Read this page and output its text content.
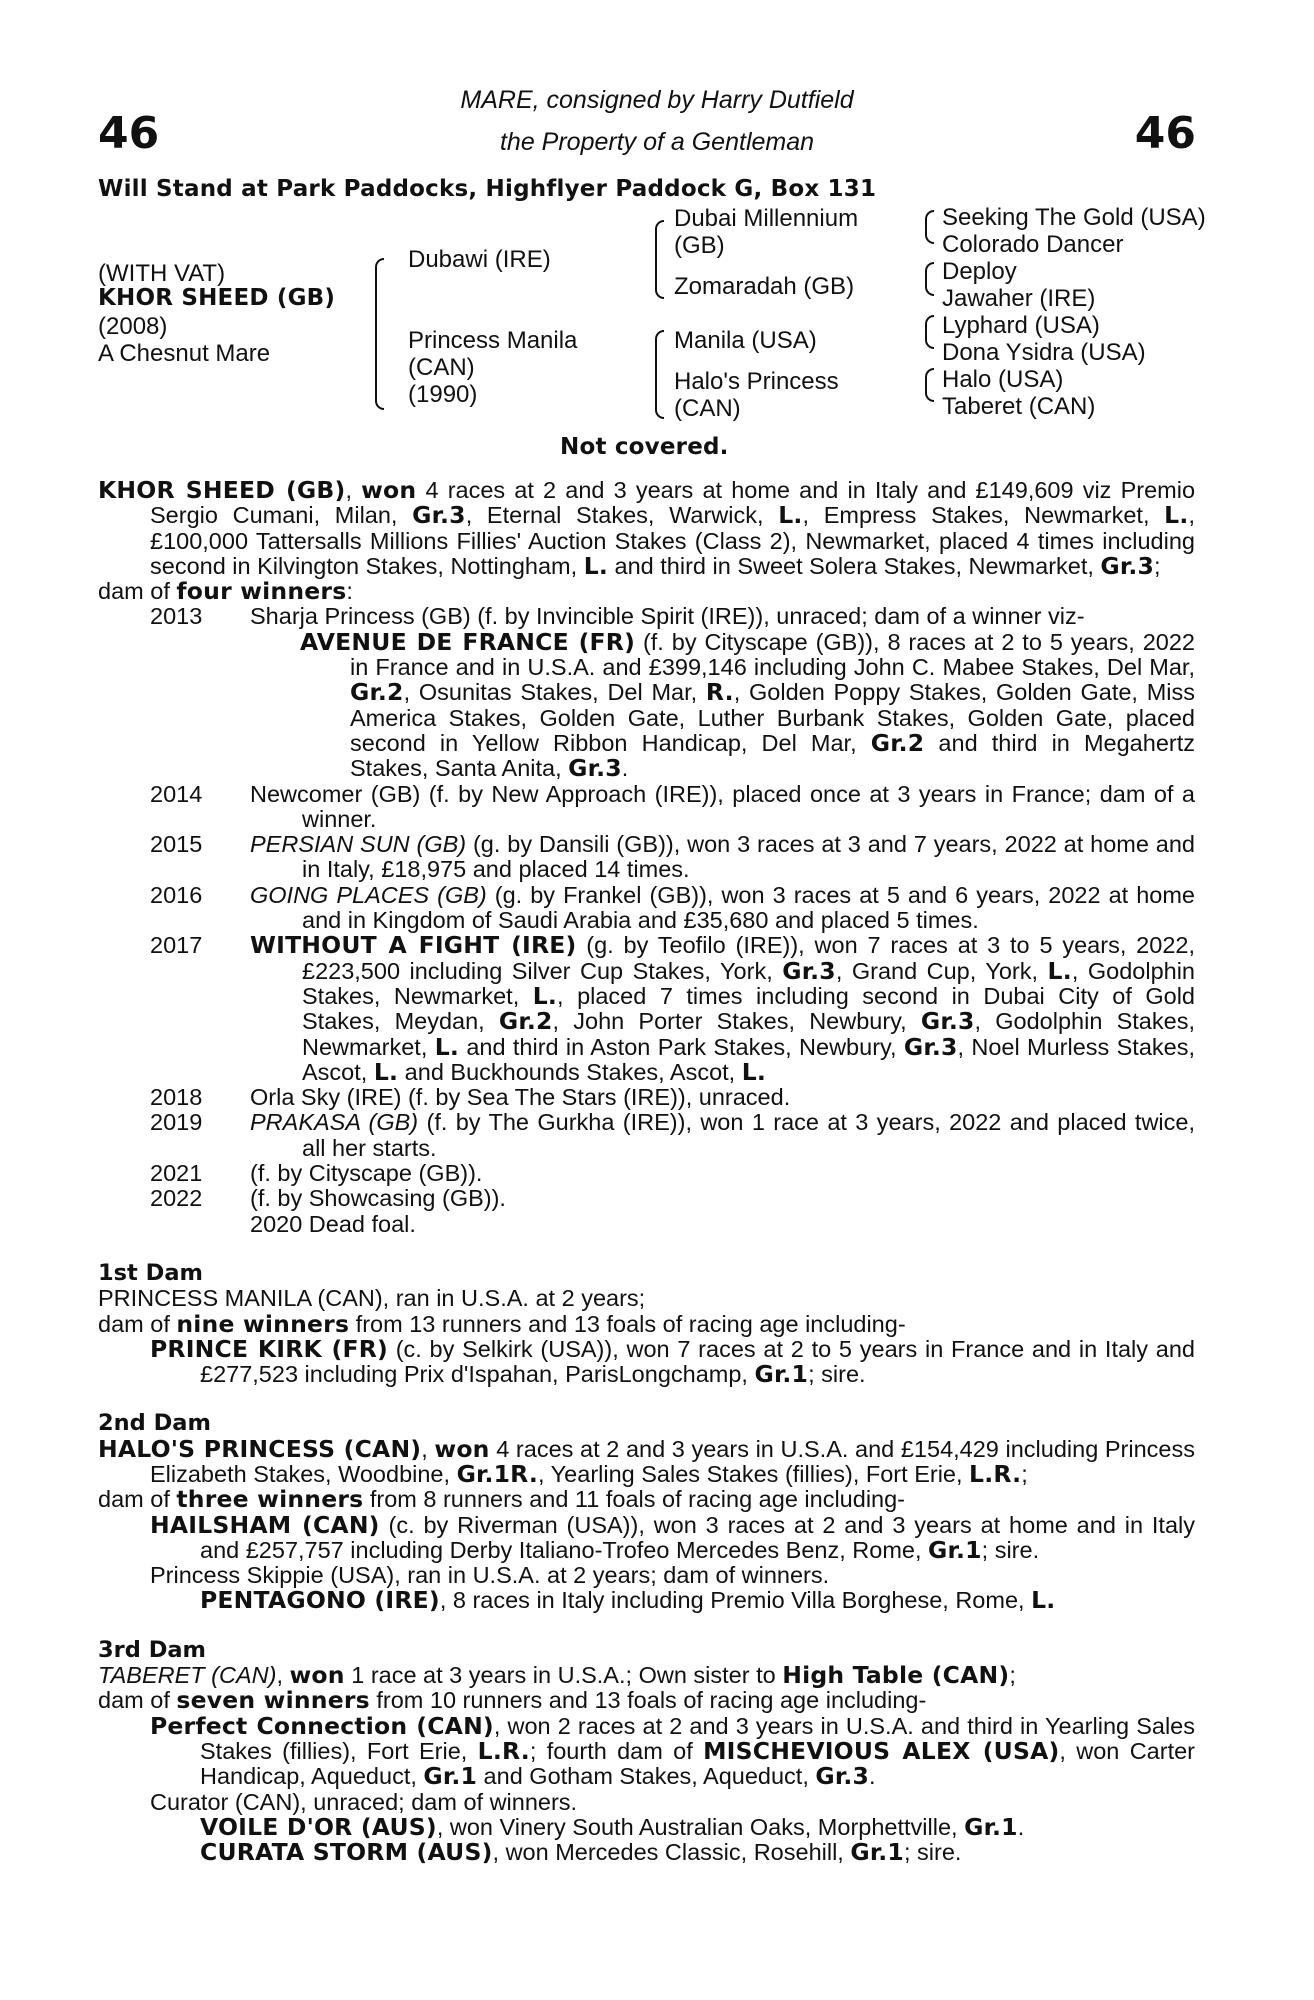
46	46
MARE, consigned by Harry Dutfield
the Property of a Gentleman
Will Stand at Park Paddocks, Highflyer Paddock G, Box 131
(WITH VAT)
KHOR SHEED (GB)
(2008)
A Chesnut Mare
Dubawi (IRE)
Princess Manila
(CAN)
(1990)
Dubai Millennium
(GB)
Zomaradah (GB)
Manila (USA)
Halo's Princess
(CAN)
Seeking The Gold (USA)
Colorado Dancer
Deploy
Jawaher (IRE)
Lyphard (USA)
Dona Ysidra (USA)
Halo (USA)
Taberet (CAN)
Not covered.
KHOR SHEED (GB), won 4 races at 2 and 3 years at home and in Italy and £149,609 viz Premio Sergio Cumani, Milan, Gr.3, Eternal Stakes, Warwick, L., Empress Stakes, Newmarket, L., £100,000 Tattersalls Millions Fillies' Auction Stakes (Class 2), Newmarket, placed 4 times including second in Kilvington Stakes, Nottingham, L. and third in Sweet Solera Stakes, Newmarket, Gr.3;
dam of four winners:
2013	Sharja Princess (GB) (f. by Invincible Spirit (IRE)), unraced; dam of a winner viz-
AVENUE DE FRANCE (FR) (f. by Cityscape (GB)), 8 races at 2 to 5 years, 2022 in France and in U.S.A. and £399,146 including John C. Mabee Stakes, Del Mar, Gr.2, Osunitas Stakes, Del Mar, R., Golden Poppy Stakes, Golden Gate, Miss America Stakes, Golden Gate, Luther Burbank Stakes, Golden Gate, placed second in Yellow Ribbon Handicap, Del Mar, Gr.2 and third in Megahertz Stakes, Santa Anita, Gr.3.
2014	Newcomer (GB) (f. by New Approach (IRE)), placed once at 3 years in France; dam of a winner.
2015	PERSIAN SUN (GB) (g. by Dansili (GB)), won 3 races at 3 and 7 years, 2022 at home and in Italy, £18,975 and placed 14 times.
2016	GOING PLACES (GB) (g. by Frankel (GB)), won 3 races at 5 and 6 years, 2022 at home and in Kingdom of Saudi Arabia and £35,680 and placed 5 times.
2017	WITHOUT A FIGHT (IRE) (g. by Teofilo (IRE)), won 7 races at 3 to 5 years, 2022, £223,500 including Silver Cup Stakes, York, Gr.3, Grand Cup, York, L., Godolphin Stakes, Newmarket, L., placed 7 times including second in Dubai City of Gold Stakes, Meydan, Gr.2, John Porter Stakes, Newbury, Gr.3, Godolphin Stakes, Newmarket, L. and third in Aston Park Stakes, Newbury, Gr.3, Noel Murless Stakes, Ascot, L. and Buckhounds Stakes, Ascot, L.
2018	Orla Sky (IRE) (f. by Sea The Stars (IRE)), unraced.
2019	PRAKASA (GB) (f. by The Gurkha (IRE)), won 1 race at 3 years, 2022 and placed twice, all her starts.
2021	(f. by Cityscape (GB)).
2022	(f. by Showcasing (GB)).
2020 Dead foal.
1st Dam
PRINCESS MANILA (CAN), ran in U.S.A. at 2 years;
dam of nine winners from 13 runners and 13 foals of racing age including-
PRINCE KIRK (FR) (c. by Selkirk (USA)), won 7 races at 2 to 5 years in France and in Italy and £277,523 including Prix d'Ispahan, ParisLongchamp, Gr.1; sire.
2nd Dam
HALO'S PRINCESS (CAN), won 4 races at 2 and 3 years in U.S.A. and £154,429 including Princess Elizabeth Stakes, Woodbine, Gr.1R., Yearling Sales Stakes (fillies), Fort Erie, L.R.;
dam of three winners from 8 runners and 11 foals of racing age including-
HAILSHAM (CAN) (c. by Riverman (USA)), won 3 races at 2 and 3 years at home and in Italy and £257,757 including Derby Italiano-Trofeo Mercedes Benz, Rome, Gr.1; sire.
Princess Skippie (USA), ran in U.S.A. at 2 years; dam of winners.
PENTAGONO (IRE), 8 races in Italy including Premio Villa Borghese, Rome, L.
3rd Dam
TABERET (CAN), won 1 race at 3 years in U.S.A.; Own sister to High Table (CAN);
dam of seven winners from 10 runners and 13 foals of racing age including-
Perfect Connection (CAN), won 2 races at 2 and 3 years in U.S.A. and third in Yearling Sales Stakes (fillies), Fort Erie, L.R.; fourth dam of MISCHEVIOUS ALEX (USA), won Carter Handicap, Aqueduct, Gr.1 and Gotham Stakes, Aqueduct, Gr.3.
Curator (CAN), unraced; dam of winners.
VOILE D'OR (AUS), won Vinery South Australian Oaks, Morphettville, Gr.1.
CURATA STORM (AUS), won Mercedes Classic, Rosehill, Gr.1; sire.
